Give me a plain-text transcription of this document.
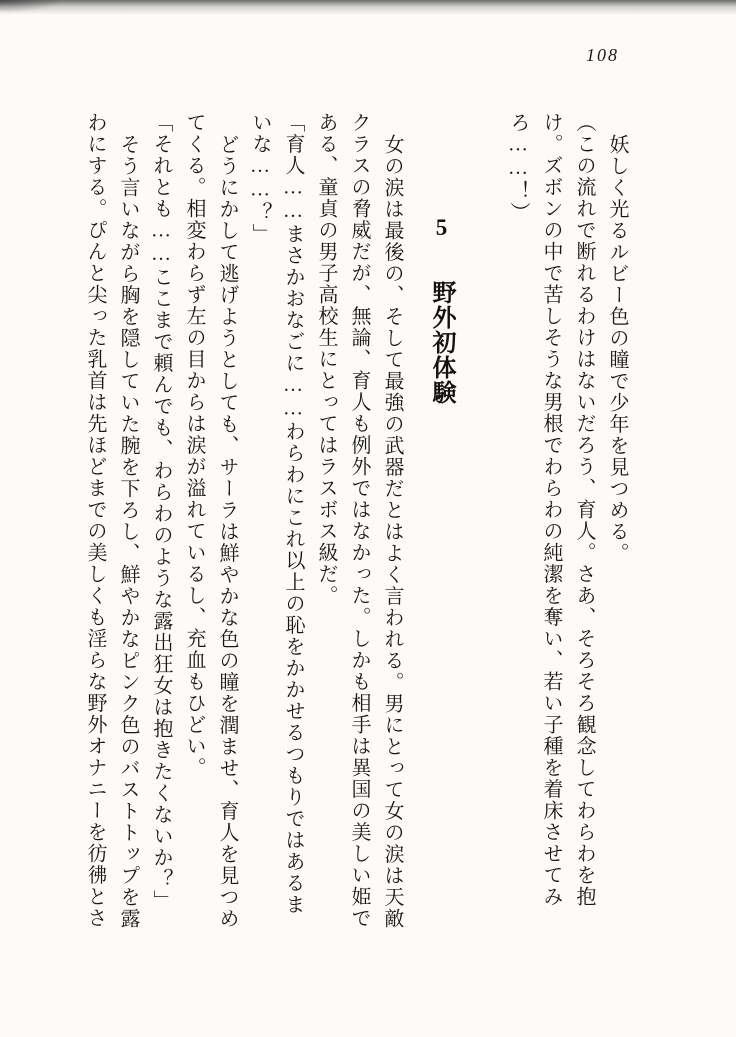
108

妖しく光るルビー色の瞳で少年を見つめる。

（この流れで断れるわけはないだろう、育人。さあ、そろそろ観念してわらわを抱け。ズボンの中で苦しそうな男根でわらわの純潔を奪い、若い子種を着床させてみろ……！）

5 野外初体験

女の涙は最後の、そして最強の武器だとはよく言われる。男にとって女の涙は天敵クラスの脅威だが、無論、育人も例外ではなかった。しかも相手は異国の美しい姫である、童貞の男子高校生にとってはラスボス級だ。

「育人……まさかおなごに……わらわにこれ以上の恥をかかせるつもりではあるまいな……？」

どうにかして逃げようとしても、サーラは鮮やかな色の瞳を潤ませ、育人を見つめてくる。相変わらず左の目からは涙が溢れているし、充血もひどい。

「それとも……ここまで頼んでも、わらわのような露出狂女は抱きたくないか？」

そう言いながら胸を隠していた腕を下ろし、鮮やかなピンク色のバストトップを露わにする。ぴんと尖った乳首は先ほどまでの美しくも淫らな野外オナニーを彷彿とさ
